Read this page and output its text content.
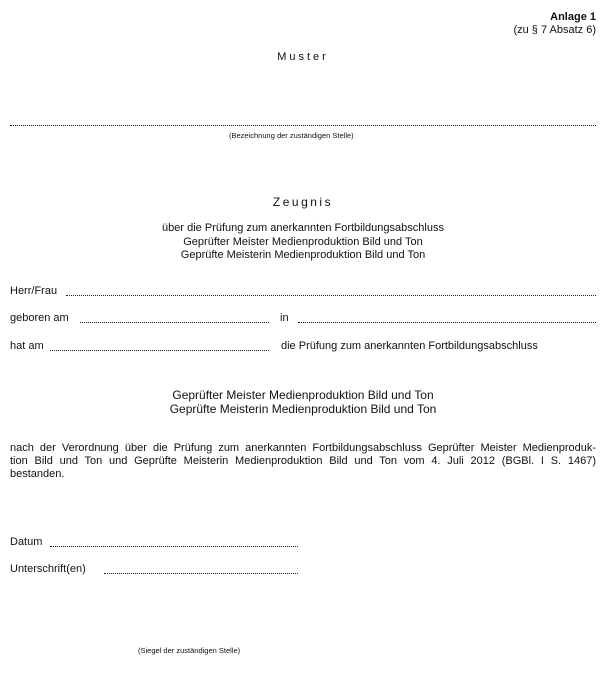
Anlage 1
(zu § 7 Absatz 6)
Muster
(Bezeichnung der zuständigen Stelle)
Zeugnis
über die Prüfung zum anerkannten Fortbildungsabschluss
Geprüfter Meister Medienproduktion Bild und Ton
Geprüfte Meisterin Medienproduktion Bild und Ton
Herr/Frau
geboren am	in
hat am	die Prüfung zum anerkannten Fortbildungsabschluss
Geprüfter Meister Medienproduktion Bild und Ton
Geprüfte Meisterin Medienproduktion Bild und Ton
nach der Verordnung über die Prüfung zum anerkannten Fortbildungsabschluss Geprüfter Meister Medienproduk-
tion Bild und Ton und Geprüfte Meisterin Medienproduktion Bild und Ton vom 4. Juli 2012 (BGBl. I S. 1467)
bestanden.
Datum
Unterschrift(en)
(Siegel der zuständigen Stelle)
